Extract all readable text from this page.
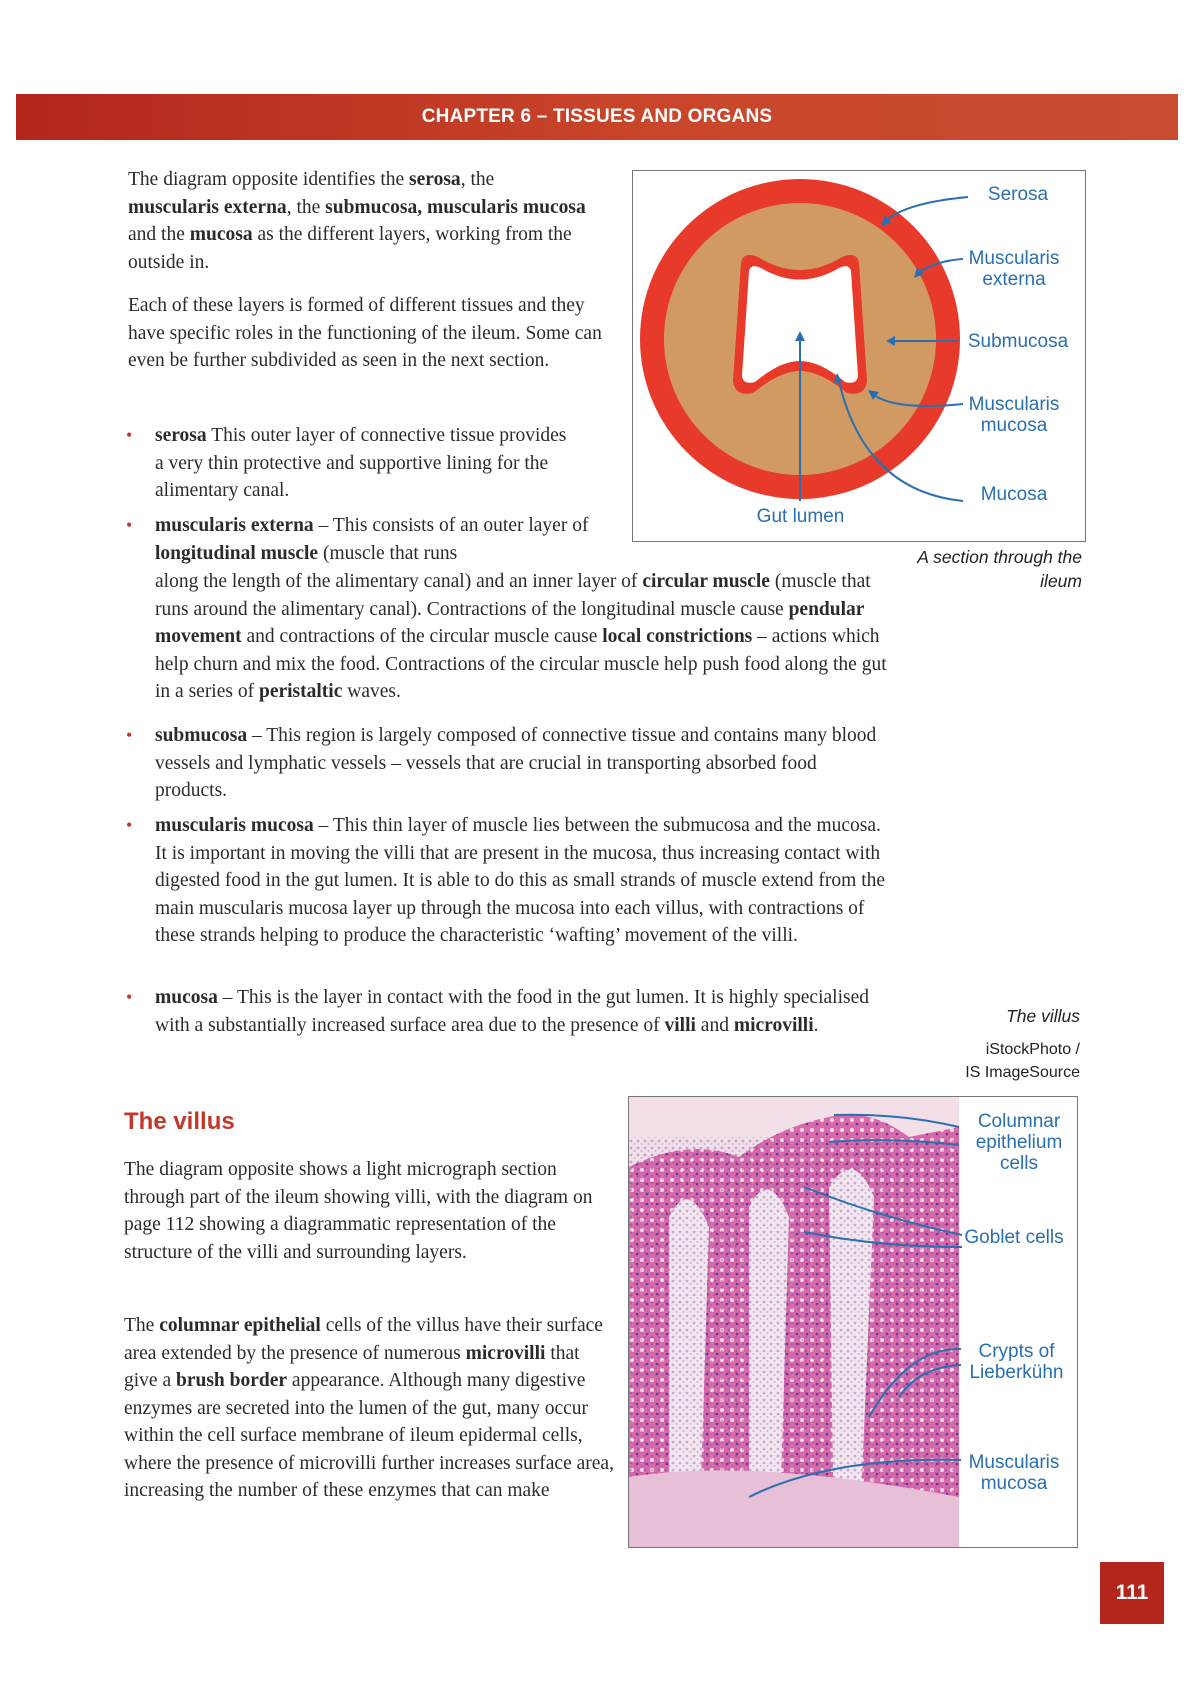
CHAPTER 6 – TISSUES AND ORGANS

The diagram opposite identifies the serosa, the muscularis externa, the submucosa, muscularis mucosa and the mucosa as the different layers, working from the outside in.

Each of these layers is formed of different tissues and they have specific roles in the functioning of the ileum. Some can even be further subdivided as seen in the next section.

• serosa This outer layer of connective tissue provides a very thin protective and supportive lining for the alimentary canal.

• muscularis externa – This consists of an outer layer of

longitudinal muscle (muscle that runs

along the length of the alimentary canal) and an inner layer of circular muscle (muscle that runs around the alimentary canal). Contractions of the longitudinal muscle cause pendular movement and contractions of the circular muscle cause local constrictions – actions which help churn and mix the food. Contractions of the circular muscle help push food along the gut in a series of peristaltic waves.

• submucosa – This region is largely composed of connective tissue and contains many blood vessels and lymphatic vessels – vessels that are crucial in transporting absorbed food products.

• muscularis mucosa – This thin layer of muscle lies between the submucosa and the mucosa. It is important in moving the villi that are present in the mucosa, thus increasing contact with digested food in the gut lumen. It is able to do this as small strands of muscle extend from the main muscularis mucosa layer up through the mucosa into each villus, with contractions of these strands helping to produce the characteristic ‘wafting’ movement of the villi.

• mucosa – This is the layer in contact with the food in the gut lumen. It is highly specialised with a substantially increased surface area due to the presence of villi and microvilli.

Serosa
Muscularis externa
Submucosa
Muscularis mucosa
Mucosa
Gut lumen
A section through the ileum
The villus
iStockPhoto /
IS ImageSource
The villus

The diagram opposite shows a light micrograph section through part of the ileum showing villi, with the diagram on page 112 showing a diagrammatic representation of the structure of the villi and surrounding layers.

The columnar epithelial cells of the villus have their surface area extended by the presence of numerous microvilli that give a brush border appearance. Although many digestive enzymes are secreted into the lumen of the gut, many occur within the cell surface membrane of ileum epidermal cells, where the presence of microvilli further increases surface area, increasing the number of these enzymes that can make

Columnar epithelium cells
Goblet cells
Crypts of Lieberkühn
Muscularis mucosa
111
